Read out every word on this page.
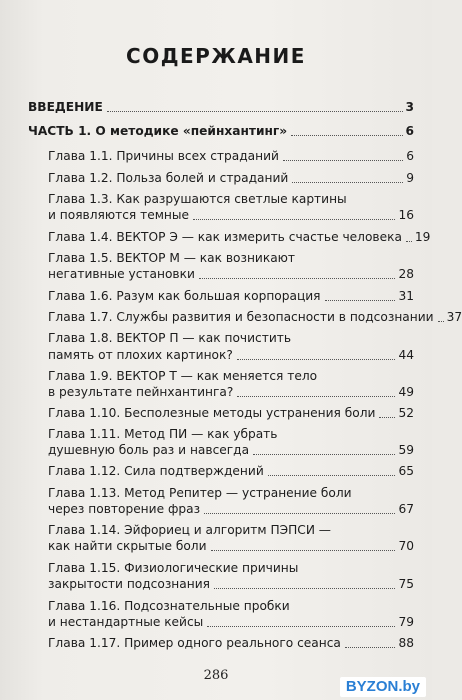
СОДЕРЖАНИЕ
ВВЕДЕНИЕ	3
ЧАСТЬ 1. О методике «пейнхантинг»	6
Глава 1.1. Причины всех страданий	6
Глава 1.2. Польза болей и страданий	9
Глава 1.3. Как разрушаются светлые картины
и появляются темные	16
Глава 1.4. ВЕКТОР Э — как измерить счастье человека 19
Глава 1.5. ВЕКТОР М — как возникают
негативные установки	28
Глава 1.6. Разум как большая корпорация	31
Глава 1.7. Службы развития и безопасности в подсознании 37
Глава 1.8. ВЕКТОР П — как почистить
память от плохих картинок?	44
Глава 1.9. ВЕКТОР Т — как меняется тело
в результате пейнхантинга?	49
Глава 1.10. Бесполезные методы устранения боли 52
Глава 1.11. Метод ПИ — как убрать
душевную боль раз и навсегда	59
Глава 1.12. Сила подтверждений	65
Глава 1.13. Метод Репитер — устранение боли
через повторение фраз	67
Глава 1.14. Эйфориец и алгоритм ПЭПСИ —
как найти скрытые боли	70
Глава 1.15. Физиологические причины
закрытости подсознания	75
Глава 1.16. Подсознательные пробки
и нестандартные кейсы	79
Глава 1.17. Пример одного реального сеанса	88
286
BYZON.by
